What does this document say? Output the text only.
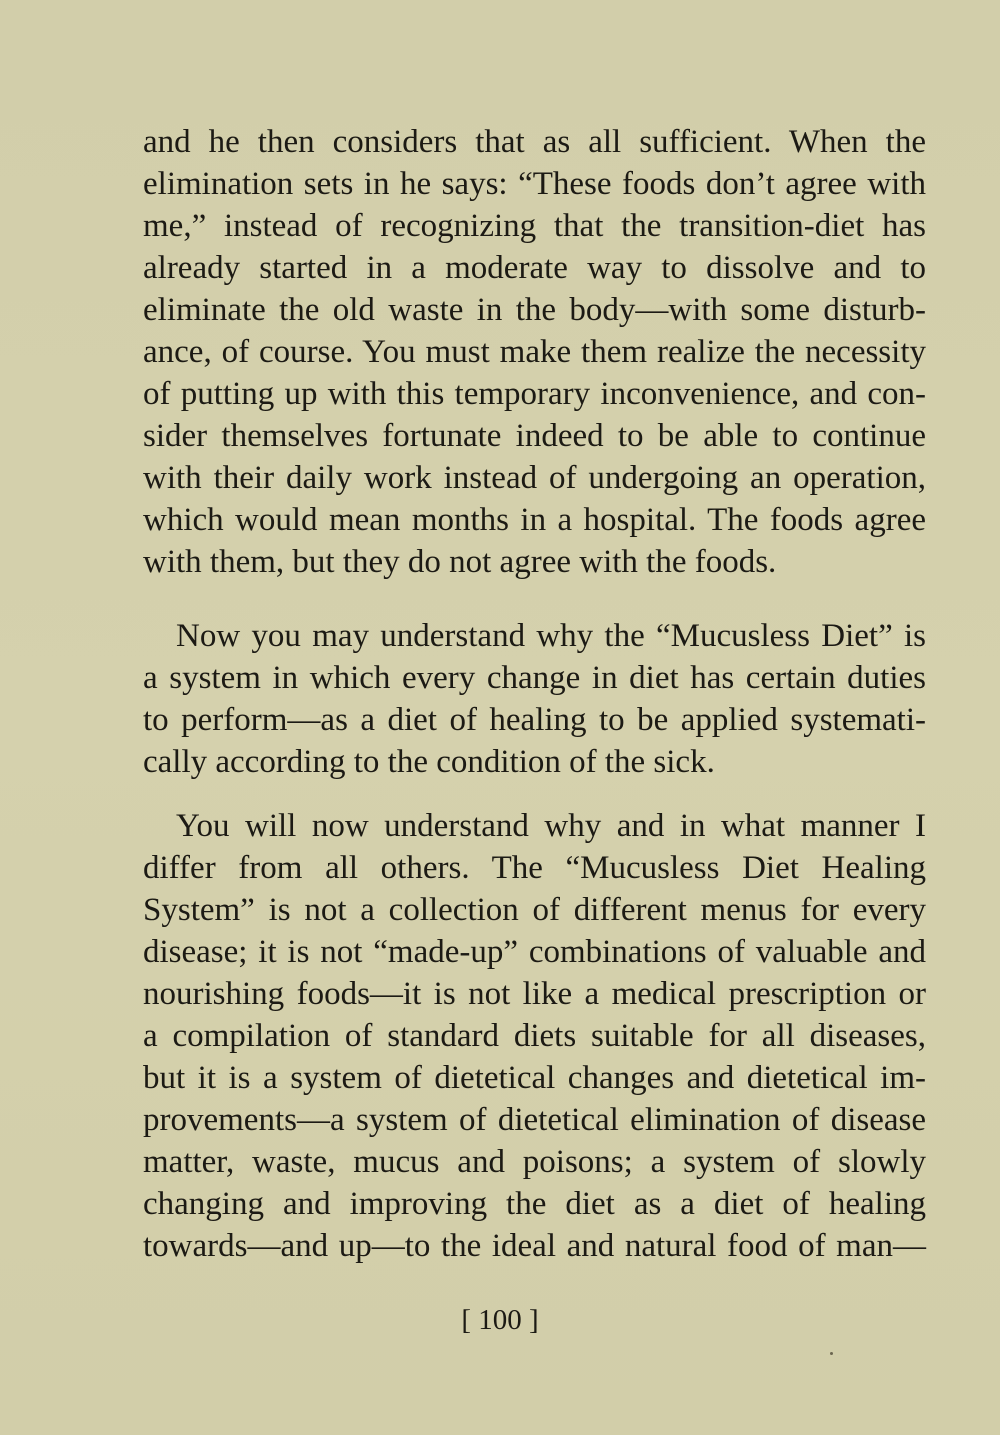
and he then considers that as all sufficient. When the
elimination sets in he says: “These foods don’t agree with
me,” instead of recognizing that the transition-diet has
already started in a moderate way to dissolve and to
eliminate the old waste in the body—with some disturb-
ance, of course. You must make them realize the necessity
of putting up with this temporary inconvenience, and con-
sider themselves fortunate indeed to be able to continue
with their daily work instead of undergoing an operation,
which would mean months in a hospital. The foods agree
with them, but they do not agree with the foods.
Now you may understand why the “Mucusless Diet” is
a system in which every change in diet has certain duties
to perform—as a diet of healing to be applied systemati-
cally according to the condition of the sick.
You will now understand why and in what manner I
differ from all others. The “Mucusless Diet Healing
System” is not a collection of different menus for every
disease; it is not “made-up” combinations of valuable and
nourishing foods—it is not like a medical prescription or
a compilation of standard diets suitable for all diseases,
but it is a system of dietetical changes and dietetical im-
provements—a system of dietetical elimination of disease
matter, waste, mucus and poisons; a system of slowly
changing and improving the diet as a diet of healing
towards—and up—to the ideal and natural food of man—
[ 100 ]
